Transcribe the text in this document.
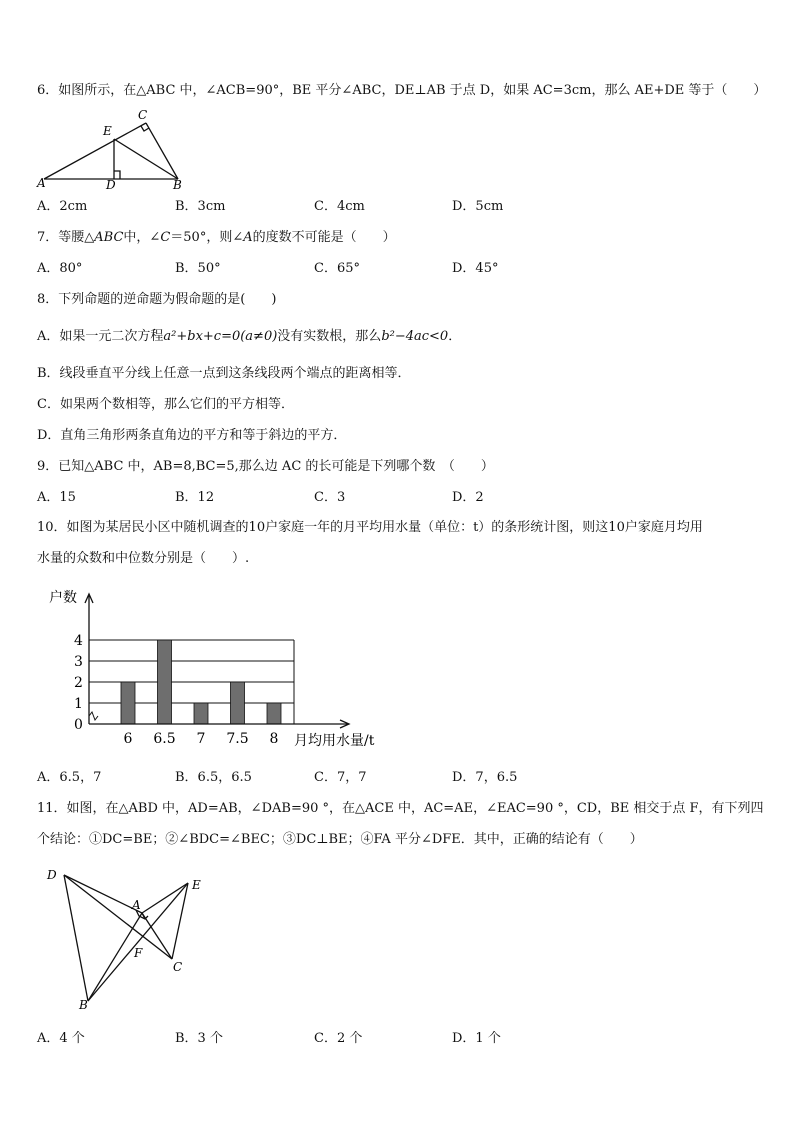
6．如图所示，在△ABC 中，∠ACB=90°，BE 平分∠ABC，DE⊥AB 于点 D，如果 AC=3cm，那么 AE+DE 等于（　　）
C
E
A	D	B
A．2cm	B．3cm	C．4cm	D．5cm
7．等腰△ABC中，∠C＝50°，则∠A的度数不可能是（　　）
A．80°	B．50°	C．65°	D．45°
8．下列命题的逆命题为假命题的是(　　)
A．如果一元二次方程a²+bx+c=0(a≠0)没有实数根，那么b²−4ac<0．
B．线段垂直平分线上任意一点到这条线段两个端点的距离相等．
C．如果两个数相等，那么它们的平方相等．
D．直角三角形两条直角边的平方和等于斜边的平方．
9．已知△ABC 中，AB=8,BC=5,那么边 AC 的长可能是下列哪个数　（　　）
A．15	B．12	C．3	D．2
10．如图为某居民小区中随机调查的10户家庭一年的月平均用水量（单位：t）的条形统计图，则这10户家庭月均用
水量的众数和中位数分别是（　　）.
户数
月均用水量/t
0
1
2
3
4
6 6.5 7 7.5 8
A．6.5，7	B．6.5，6.5	C．7，7	D．7，6.5
11．如图，在△ABD 中，AD=AB，∠DAB=90 °，在△ACE 中，AC=AE，∠EAC=90 °，CD，BE 相交于点 F，有下列四
个结论：①DC=BE；②∠BDC=∠BEC；③DC⊥BE；④FA 平分∠DFE．其中，正确的结论有（　　）
D
E
A
F
C
B
A．4 个	B．3 个	C．2 个	D．1 个
